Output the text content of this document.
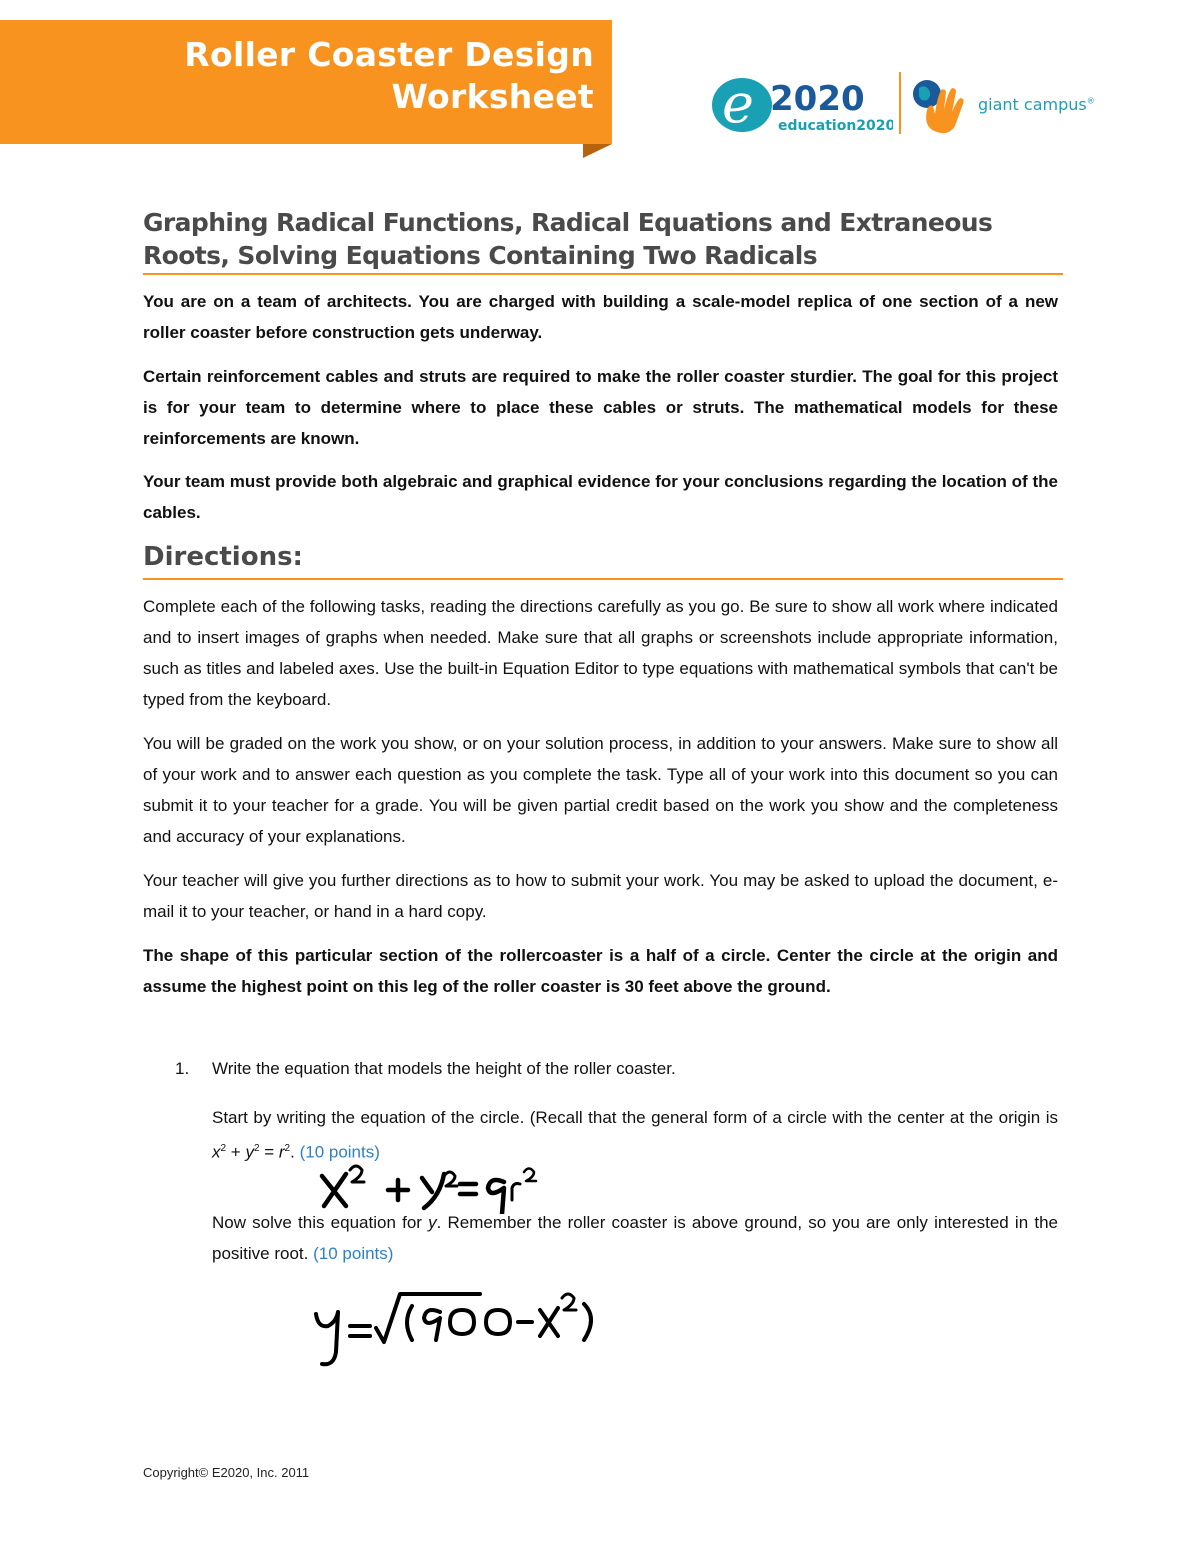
Roller Coaster Design
Worksheet e 2020
education2020
giant campus®
Graphing Radical Functions, Radical Equations and Extraneous
Roots, Solving Equations Containing Two Radicals

You are on a team of architects. You are charged with building a scale-model replica of one section of a new roller coaster before construction gets underway.

Certain reinforcement cables and struts are required to make the roller coaster sturdier. The goal for this project is for your team to determine where to place these cables or struts. The mathematical models for these reinforcements are known.

Your team must provide both algebraic and graphical evidence for your conclusions regarding the location of the cables.

Directions:

Complete each of the following tasks, reading the directions carefully as you go. Be sure to show all work where indicated and to insert images of graphs when needed. Make sure that all graphs or screenshots include appropriate information, such as titles and labeled axes. Use the built-in Equation Editor to type equations with mathematical symbols that can't be typed from the keyboard.

You will be graded on the work you show, or on your solution process, in addition to your answers. Make sure to show all of your work and to answer each question as you complete the task. Type all of your work into this document so you can submit it to your teacher for a grade. You will be given partial credit based on the work you show and the completeness and accuracy of your explanations.

Your teacher will give you further directions as to how to submit your work. You may be asked to upload the document, e-mail it to your teacher, or hand in a hard copy.

The shape of this particular section of the rollercoaster is a half of a circle. Center the circle at the origin and assume the highest point on this leg of the roller coaster is 30 feet above the ground.

1. Write the equation that models the height of the roller coaster.

Start by writing the equation of the circle. (Recall that the general form of a circle with the center at the origin is $x^2 + y^2 = r^2$. (10 points)

Now solve this equation for y. Remember the roller coaster is above ground, so you are only interested in the positive root. (10 points)

Copyright© E2020, Inc. 2011
